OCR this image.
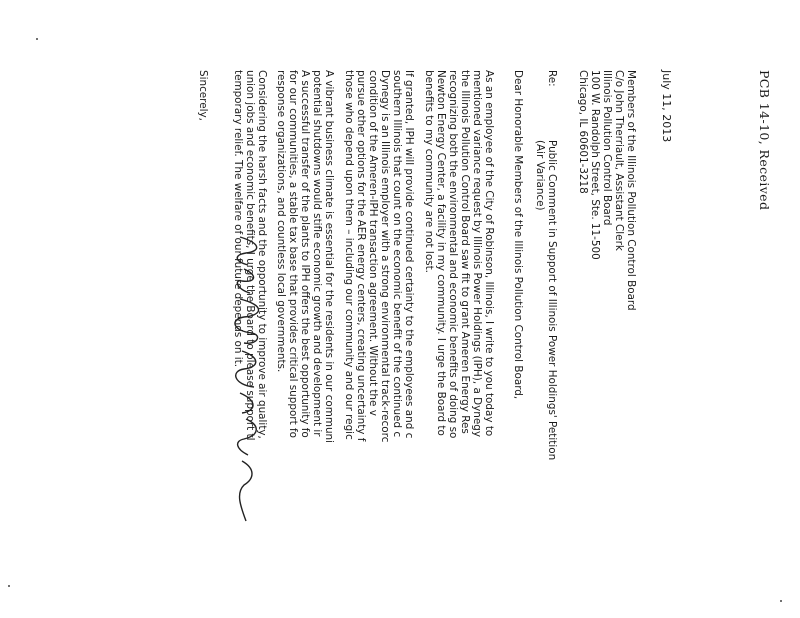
PCB 14-10, Received

July 11, 2013

Members of the Illinois Pollution Control Board
C/o John Therriault, Assistant Clerk
Illinois Pollution Control Board
100 W. Randolph Street, Ste. 11-500
Chicago, IL 60601-3218

Re:

Public Comment in Support of Illinois Power Holdings' Petition
(Air Variance)

Dear Honorable Members of the Illinois Pollution Control Board,

As an employee of the City of Robinson, Illinois, I write to you today to
mentioned variance request by Illinois Power Holdings (IPH), a Dynegy
the Illinois Pollution Control Board saw fit to grant Ameren Energy Res
recognizing both the environmental and economic benefits of doing so
Newton Energy Center, a facility in my community. I urge the Board to
benefits to my community are not lost.

If granted, IPH will provide continued certainty to the employees and c
southern Illinois that count on the economic benefit of the continued c
Dynegy is an Illinois employer with a strong environmental track-recorc
condition of the Ameren-IPH transaction agreement. Without the v
pursue other options for the AER energy centers, creating uncertainty f
those who depend upon them – including our community and our regic

A vibrant business climate is essential for the residents in our communi
potential shutdowns would stifle economic growth and development ir
A successful transfer of the plants to IPH offers the best opportunity fo
for our communities, a stable tax base that provides critical support fo
response organizations, and countless local governments.

Considering the harsh facts and the opportunity to improve air quality,
union jobs and economic benefits, I urge the Board to please support tl
temporary relief. The welfare of our future depends on it.

Sincerely,
